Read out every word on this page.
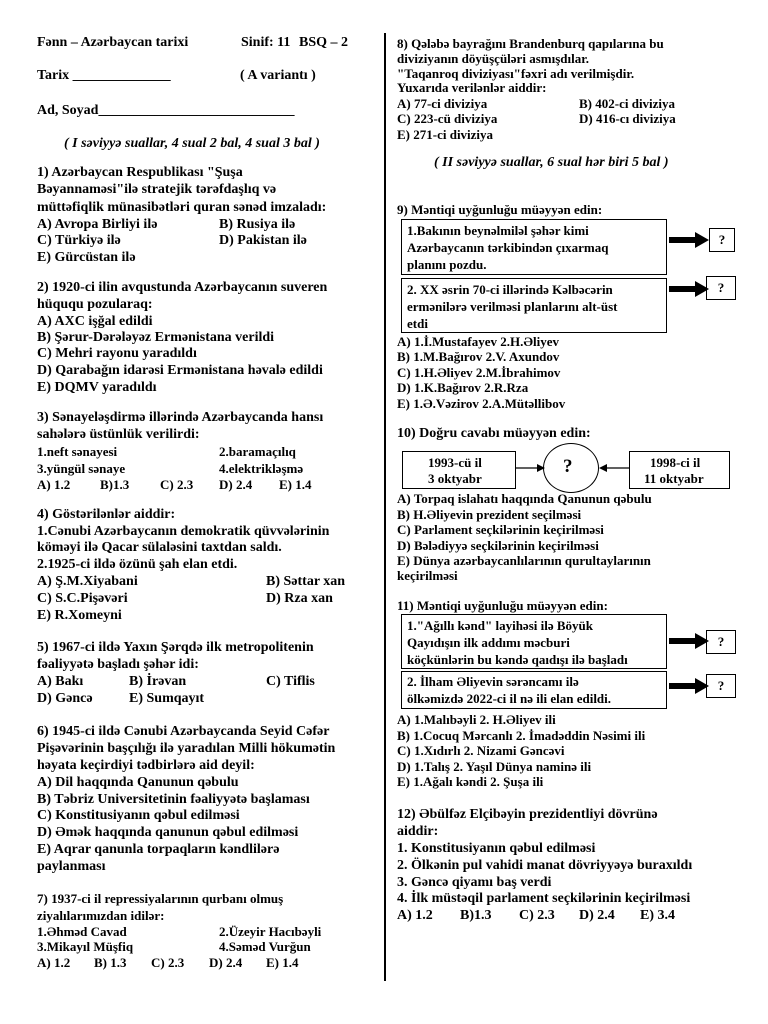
Fənn – Azərbaycan tarixi	Sinif: 11 BSQ – 2
Tarix ______________	( A variantı )
Ad, Soyad____________________________
( I səviyyə suallar, 4 sual 2 bal, 4 sual 3 bal )
1) Azərbaycan Respublikası "Şuşa
Bəyannaməsi"ilə stratejik tərəfdaşlıq və
müttəfiqlik münasibətləri quran sənəd imzaladı:
A) Avropa Birliyi ilə	B) Rusiya ilə
C) Türkiyə ilə	D) Pakistan ilə
E) Gürcüstan ilə
2) 1920-ci ilin avqustunda Azərbaycanın suveren
hüququ pozularaq:
A) AXC işğal edildi
B) Şərur-Dərələyəz Ermənistana verildi
C) Mehri rayonu yaradıldı
D) Qarabağın idarəsi Ermənistana həvalə edildi
E) DQMV yaradıldı
3) Sənayeləşdirmə illərində Azərbaycanda hansı
sahələrə üstünlük verilirdi:
1.neft sənayesi	2.baramaçılıq
3.yüngül sənaye	4.elektrikləşmə
A) 1.2 B)1.3 C) 2.3 D) 2.4 E) 1.4
4) Göstərilənlər aiddir:
1.Cənubi Azərbaycanın demokratik qüvvələrinin
köməyi ilə Qacar sülaləsini taxtdan saldı.
2.1925-ci ildə özünü şah elan etdi.
A) Ş.M.Xiyabani	B) Səttar xan
C) S.C.Pişəvəri	D) Rza xan
E) R.Xomeyni
5) 1967-ci ildə Yaxın Şərqdə ilk metropolitenin
fəaliyyətə başladı şəhər idi:
A) Bakı	B) İrəvan	C) Tiflis
D) Gəncə	E) Sumqayıt
6) 1945-ci ildə Cənubi Azərbaycanda Seyid Cəfər
Pişəvərinin başçılığı ilə yaradılan Milli hökumətin
həyata keçirdiyi tədbirlərə aid deyil:
A) Dil haqqında Qanunun qəbulu
B) Təbriz Universitetinin fəaliyyətə başlaması
C) Konstitusiyanın qəbul edilməsi
D) Əmək haqqında qanunun qəbul edilməsi
E) Aqrar qanunla torpaqların kəndlilərə
paylanması
7) 1937-ci il repressiyalarının qurbanı olmuş
ziyalılarımızdan idilər:
1.Əhməd Cavad	2.Üzeyir Hacıbəyli
3.Mikayıl Müşfiq	4.Səməd Vurğun
A) 1.2 B) 1.3 C) 2.3 D) 2.4 E) 1.4
8) Qələbə bayrağını Brandenburq qapılarına bu
diviziyanın döyüşçüləri asmışdılar.
"Taqanroq diviziyası"fəxri adı verilmişdir.
Yuxarıda verilənlər aiddir:
A) 77-ci diviziya	B) 402-ci diviziya
C) 223-cü diviziya	D) 416-cı diviziya
E) 271-ci diviziya
( II səviyyə suallar, 6 sual hər biri 5 bal )
9) Məntiqi uyğunluğu müəyyən edin:
1.Bakının beynəlmiləl şəhər kimi
Azərbaycanın tərkibindən çıxarmaq
planını pozdu.
?
2. XX əsrin 70-ci illərində Kəlbəcərin
ermənilərə verilməsi planlarını alt-üst
etdi
?
A) 1.İ.Mustafayev 2.H.Əliyev
B) 1.M.Bağırov 2.V. Axundov
C) 1.H.Əliyev 2.M.İbrahimov
D) 1.K.Bağırov 2.R.Rza
E) 1.Ə.Vəzirov 2.A.Mütəllibov
10) Doğru cavabı müəyyən edin:
1993-cü il
3 oktyabr
?	1998-ci il
11 oktyabr
A) Torpaq islahatı haqqında Qanunun qəbulu
B) H.Əliyevin prezident seçilməsi
C) Parlament seçkilərinin keçirilməsi
D) Bələdiyyə seçkilərinin keçirilməsi
E) Dünya azərbaycanlılarının qurultaylarının
keçirilməsi
11) Məntiqi uyğunluğu müəyyən edin:
1."Ağıllı kənd" layihəsi ilə Böyük
Qayıdışın ilk addımı məcburi
köçkünlərin bu kəndə qaıdışı ilə başladı
?
2. İlham Əliyevin sərəncamı ilə
ölkəmizdə 2022-ci il nə ili elan edildi.
?
A) 1.Malıbəyli 2. H.Əliyev ili
B) 1.Cocuq Mərcanlı 2. İmadəddin Nəsimi ili
C) 1.Xıdırlı 2. Nizami Gəncəvi
D) 1.Talış 2. Yaşıl Dünya naminə ili
E) 1.Ağalı kəndi 2. Şuşa ili
12) Əbülfəz Elçibəyin prezidentliyi dövrünə
aiddir:
1. Konstitusiyanın qəbul edilməsi
2. Ölkənin pul vahidi manat dövriyyəyə buraxıldı
3. Gəncə qiyamı baş verdi
4. İlk müstəqil parlament seçkilərinin keçirilməsi
A) 1.2 B)1.3 C) 2.3 D) 2.4 E) 3.4
